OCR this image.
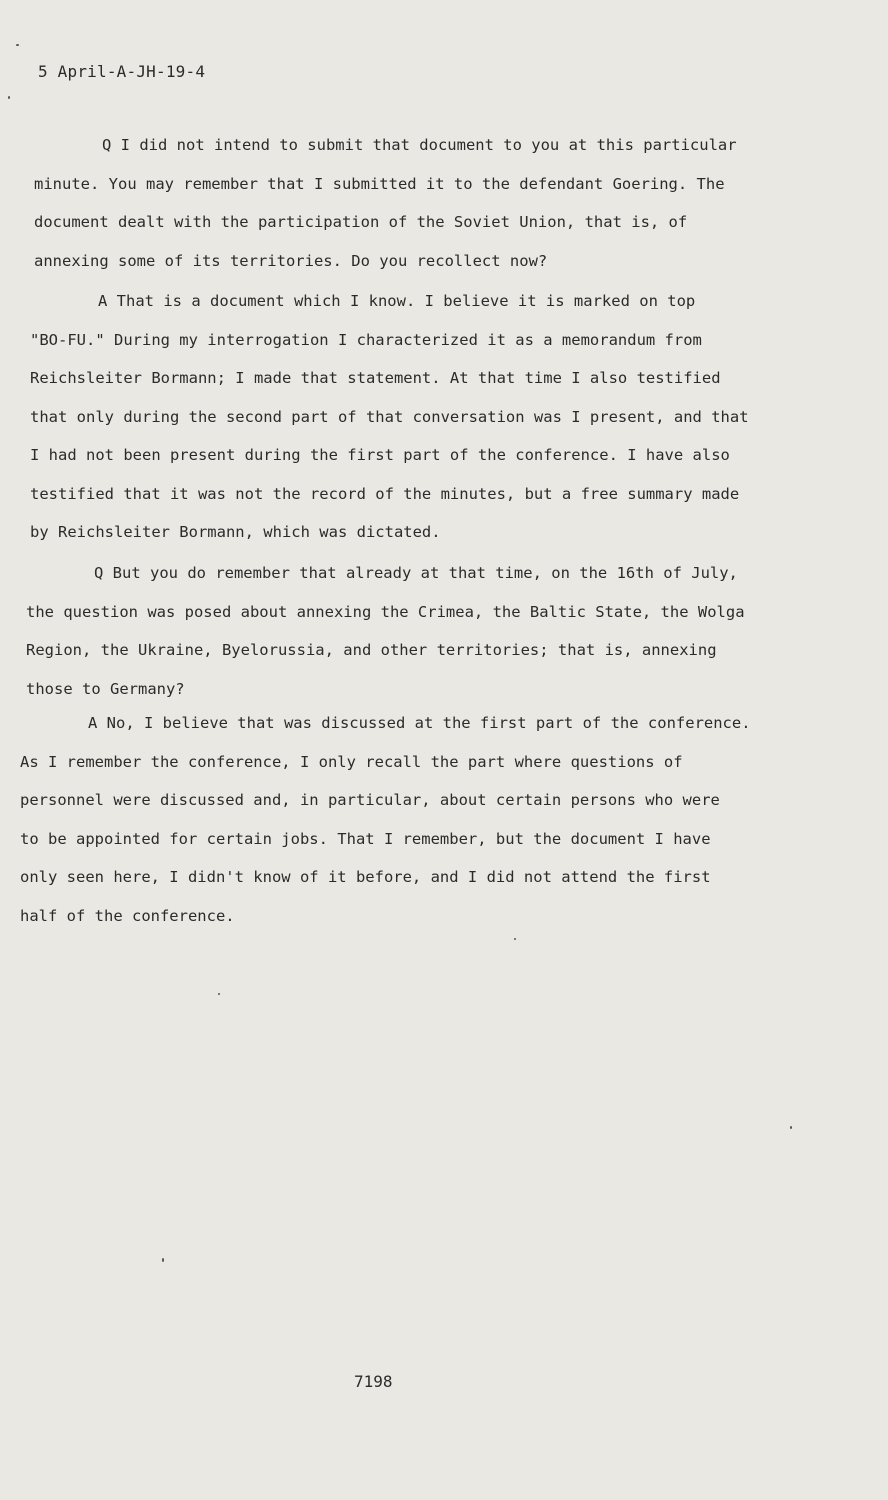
5 April-A-JH-19-4
Q I did not intend to submit that document to you at this particular
minute. You may remember that I submitted it to the defendant Goering. The
document dealt with the participation of the Soviet Union, that is, of
annexing some of its territories. Do you recollect now?
A That is a document which I know. I believe it is marked on top
"BO-FU." During my interrogation I characterized it as a memorandum from
Reichsleiter Bormann; I made that statement. At that time I also testified
that only during the second part of that conversation was I present, and that
I had not been present during the first part of the conference. I have also
testified that it was not the record of the minutes, but a free summary made
by Reichsleiter Bormann, which was dictated.
Q But you do remember that already at that time, on the 16th of July,
the question was posed about annexing the Crimea, the Baltic State, the Wolga
Region, the Ukraine, Byelorussia, and other territories; that is, annexing
those to Germany?
A No, I believe that was discussed at the first part of the conference.
As I remember the conference, I only recall the part where questions of
personnel were discussed and, in particular, about certain persons who were
to be appointed for certain jobs. That I remember, but the document I have
only seen here, I didn't know of it before, and I did not attend the first
half of the conference.
7198
